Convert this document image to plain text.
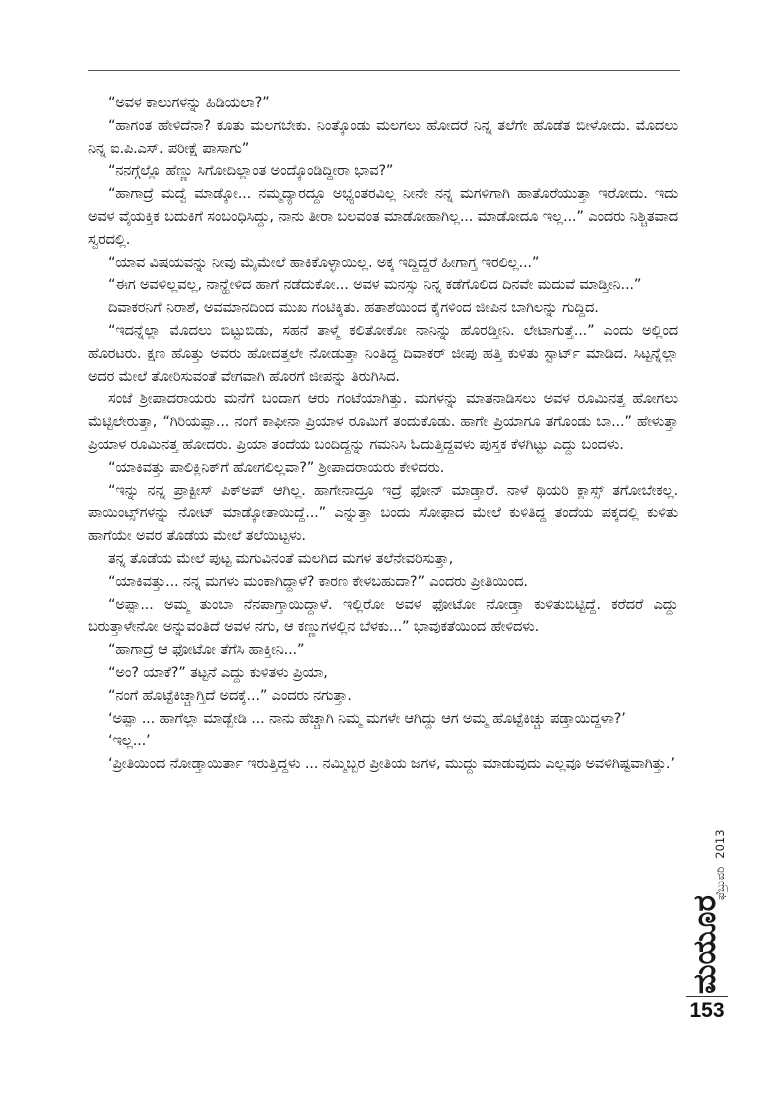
“ಅವಳ ಕಾಲುಗಳನ್ನು ಹಿಡಿಯಲಾ?”

“ಹಾಗಂತ ಹೇಳಿದೆನಾ? ಕೂತು ಮಲಗಬೇಕು. ನಿಂತ್ಕೊಂಡು ಮಲಗಲು ಹೋದರೆ ನಿನ್ನ ತಲೆಗೇ ಹೊಡೆತ ಬೀಳೋದು. ಮೊದಲು ನಿನ್ನ ಐ.ಪಿ.ಎಸ್. ಪರೀಕ್ಷೆ ಪಾಸಾಗು”

“ನನಗ್ಗೆಲ್ಲೊ ಹೆಣ್ಣು ಸಿಗೋದಿಲ್ಲಾಂತ ಅಂದ್ಕೊಂಡಿದ್ದೀರಾ ಭಾವ?”

“ಹಾಗಾದ್ರೆ ಮದ್ವೆ ಮಾಡ್ಕೋ... ನಮ್ಮದ್ಯಾರದ್ದೂ ಅಭ್ಯಂತರವಿಲ್ಲ ನೀನೇ ನನ್ನ ಮಗಳಿಗಾಗಿ ಹಾತೊರೆಯುತ್ತಾ ಇರೋದು. ಇದು ಅವಳ ವೈಯಕ್ತಿಕ ಬದುಕಿಗೆ ಸಂಬಂಧಿಸಿದ್ದು, ನಾನು ತೀರಾ ಬಲವಂತ ಮಾಡೋಹಾಗಿಲ್ಲ... ಮಾಡೋದೂ ಇಲ್ಲ...” ಎಂದರು ನಿಶ್ಚಿತವಾದ ಸ್ವರದಲ್ಲಿ.

“ಯಾವ ವಿಷಯವನ್ನು ನೀವು ಮೈಮೇಲೆ ಹಾಕಿಕೊಳ್ಳಾಯಿಲ್ಲ. ಅಕ್ಕ ಇದ್ದಿದ್ದರೆ ಹೀಗಾಗ್ತ ಇರಲಿಲ್ಲ...”

“ಈಗ ಅವಳಿಲ್ಲವಲ್ಲ, ನಾನ್ಹೇಳಿದ ಹಾಗೆ ನಡೆದುಕೋ... ಅವಳ ಮನಸ್ಸು ನಿನ್ನ ಕಡೆಗೊಲಿದ ದಿನವೇ ಮದುವೆ ಮಾಡ್ತೀನಿ...”

ದಿವಾಕರನಿಗೆ ನಿರಾಶೆ, ಅವಮಾನದಿಂದ ಮುಖ ಗಂಟಿಕ್ಕಿತು. ಹತಾಶೆಯಿಂದ ಕೈಗಳಿಂದ ಜೀಪಿನ ಬಾಗಿಲನ್ನು ಗುದ್ದಿದ.

“ಇದನ್ನೆಲ್ಲಾ ಮೊದಲು ಬಿಟ್ಟುಬಿಡು, ಸಹನೆ ತಾಳ್ಮೆ ಕಲಿತೋಕೋ ನಾನಿನ್ನು ಹೊರಡ್ತೀನಿ. ಲೇಟಾಗುತ್ತೆ...” ಎಂದು ಅಲ್ಲಿಂದ ಹೊರಟರು. ಕ್ಷಣ ಹೊತ್ತು ಅವರು ಹೋದತ್ತಲೇ ನೋಡುತ್ತಾ ನಿಂತಿದ್ದ ದಿವಾಕರ್ ಜೀಪು ಹತ್ತಿ ಕುಳಿತು ಸ್ಟಾರ್ಟ್ ಮಾಡಿದ. ಸಿಟ್ಟನ್ನೆಲ್ಲಾ ಅದರ ಮೇಲೆ ತೋರಿಸುವಂತೆ ವೇಗವಾಗಿ ಹೊರಗೆ ಜೀಪನ್ನು ತಿರುಗಿಸಿದ.

ಸಂಜೆ ಶ್ರೀಪಾದರಾಯರು ಮನೆಗೆ ಬಂದಾಗ ಆರು ಗಂಟೆಯಾಗಿತ್ತು. ಮಗಳನ್ನು ಮಾತನಾಡಿಸಲು ಅವಳ ರೂಮಿನತ್ತ ಹೋಗಲು ಮೆಟ್ಟಿಲೇರುತ್ತಾ, “ಗಿರಿಯಪ್ಪಾ... ನಂಗೆ ಕಾಫೀನಾ ಪ್ರಿಯಾಳ ರೂಮಿಗೆ ತಂದುಕೊಡು. ಹಾಗೇ ಪ್ರಿಯಾಗೂ ತಗೊಂಡು ಬಾ...” ಹೇಳುತ್ತಾ ಪ್ರಿಯಾಳ ರೂಮಿನತ್ತ ಹೋದರು. ಪ್ರಿಯಾ ತಂದೆಯ ಬಂದಿದ್ದನ್ನು ಗಮನಿಸಿ ಓದುತ್ತಿದ್ದವಳು ಪುಸ್ತಕ ಕೆಳಗಿಟ್ಟು ಎದ್ದು ಬಂದಳು.

“ಯಾಕಿವತ್ತು ಪಾಲಿಕ್ಲಿನಿಕ್‌ಗೆ ಹೋಗಲಿಲ್ಲವಾ?” ಶ್ರೀಪಾದರಾಯರು ಕೇಳಿದರು.

“ಇನ್ನು ನನ್ನ ಪ್ರಾಕ್ಟೀಸ್ ಪಿಕ್‌ಅಪ್ ಆಗಿಲ್ಲ. ಹಾಗೇನಾದ್ರೂ ಇದ್ರೆ ಫೋನ್ ಮಾಡ್ತಾರೆ. ನಾಳೆ ಥಿಯರಿ ಕ್ಲಾಸ್ಸ್ ತಗೋಬೇಕಲ್ಲ. ಪಾಯಿಂಟ್ಸ್‌ಗಳನ್ನು ನೋಟ್ ಮಾಡ್ಕೋತಾಯಿದ್ದೆ...” ಎನ್ನುತ್ತಾ ಬಂದು ಸೋಫಾದ ಮೇಲೆ ಕುಳಿತಿದ್ದ ತಂದೆಯ ಪಕ್ಕದಲ್ಲಿ ಕುಳಿತು ಹಾಗೆಯೇ ಅವರ ತೊಡೆಯ ಮೇಲೆ ತಲೆಯಿಟ್ಟಳು.

ತನ್ನ ತೊಡೆಯ ಮೇಲೆ ಪುಟ್ಟ ಮಗುವಿನಂತೆ ಮಲಗಿದ ಮಗಳ ತಲೆನೇವರಿಸುತ್ತಾ,

“ಯಾಕಿವತ್ತು... ನನ್ನ ಮಗಳು ಮಂಕಾಗಿದ್ದಾಳೆ? ಕಾರಣ ಕೇಳಬಹುದಾ?” ಎಂದರು ಪ್ರೀತಿಯಿಂದ.

“ಅಪ್ಪಾ... ಅಮ್ಮ ತುಂಬಾ ನೆನಪಾಗ್ತಾಯಿದ್ದಾಳೆ. ಇಲ್ಲಿರೋ ಅವಳ ಫೋಟೋ ನೋಡ್ತಾ ಕುಳಿತುಬಿಟ್ಟಿದ್ದೆ. ಕರೆದರೆ ಎದ್ದು ಬರುತ್ತಾಳೇನೋ ಅನ್ನುವಂತಿದೆ ಅವಳ ನಗು, ಆ ಕಣ್ಣುಗಳಲ್ಲಿನ ಬೆಳಕು...” ಭಾವುಕತೆಯಿಂದ ಹೇಳಿದಳು.

“ಹಾಗಾದ್ರೆ ಆ ಫೋಟೋ ತೆಗೆಸಿ ಹಾಕ್ತೀನಿ...”

“ಅಂ? ಯಾಕೆ?” ತಟ್ಟನೆ ಎದ್ದು ಕುಳಿತಳು ಪ್ರಿಯಾ,

“ನಂಗೆ ಹೊಟ್ಟೆಕಿಚ್ಚಾಗ್ತಿದೆ ಅದಕ್ಕೆ...” ಎಂದರು ನಗುತ್ತಾ.

‘ಅಪ್ಪಾ ... ಹಾಗೆಲ್ಲಾ ಮಾಡ್ಬೇಡಿ ... ನಾನು ಹೆಚ್ಚಾಗಿ ನಿಮ್ಮ ಮಗಳೇ ಆಗಿದ್ದು ಆಗ ಅಮ್ಮ ಹೊಟ್ಟೆಕಿಚ್ಚು ಪಡ್ತಾಯಿದ್ದಳಾ?’

‘ಇಲ್ಲ...’

‘ಪ್ರೀತಿಯಿಂದ ನೋಡ್ತಾಯಿರ್ತಾ ಇರುತ್ತಿದ್ದಳು ... ನಮ್ಮಿಬ್ಬರ ಪ್ರೀತಿಯ ಜಗಳ, ಮುದ್ದು ಮಾಡುವುದು ಎಲ್ಲವೂ ಅವಳಿಗಿಷ್ಟವಾಗಿತ್ತು.’

ಮಯೂರ
ಫೆಬ್ರುವರಿ2013
153
